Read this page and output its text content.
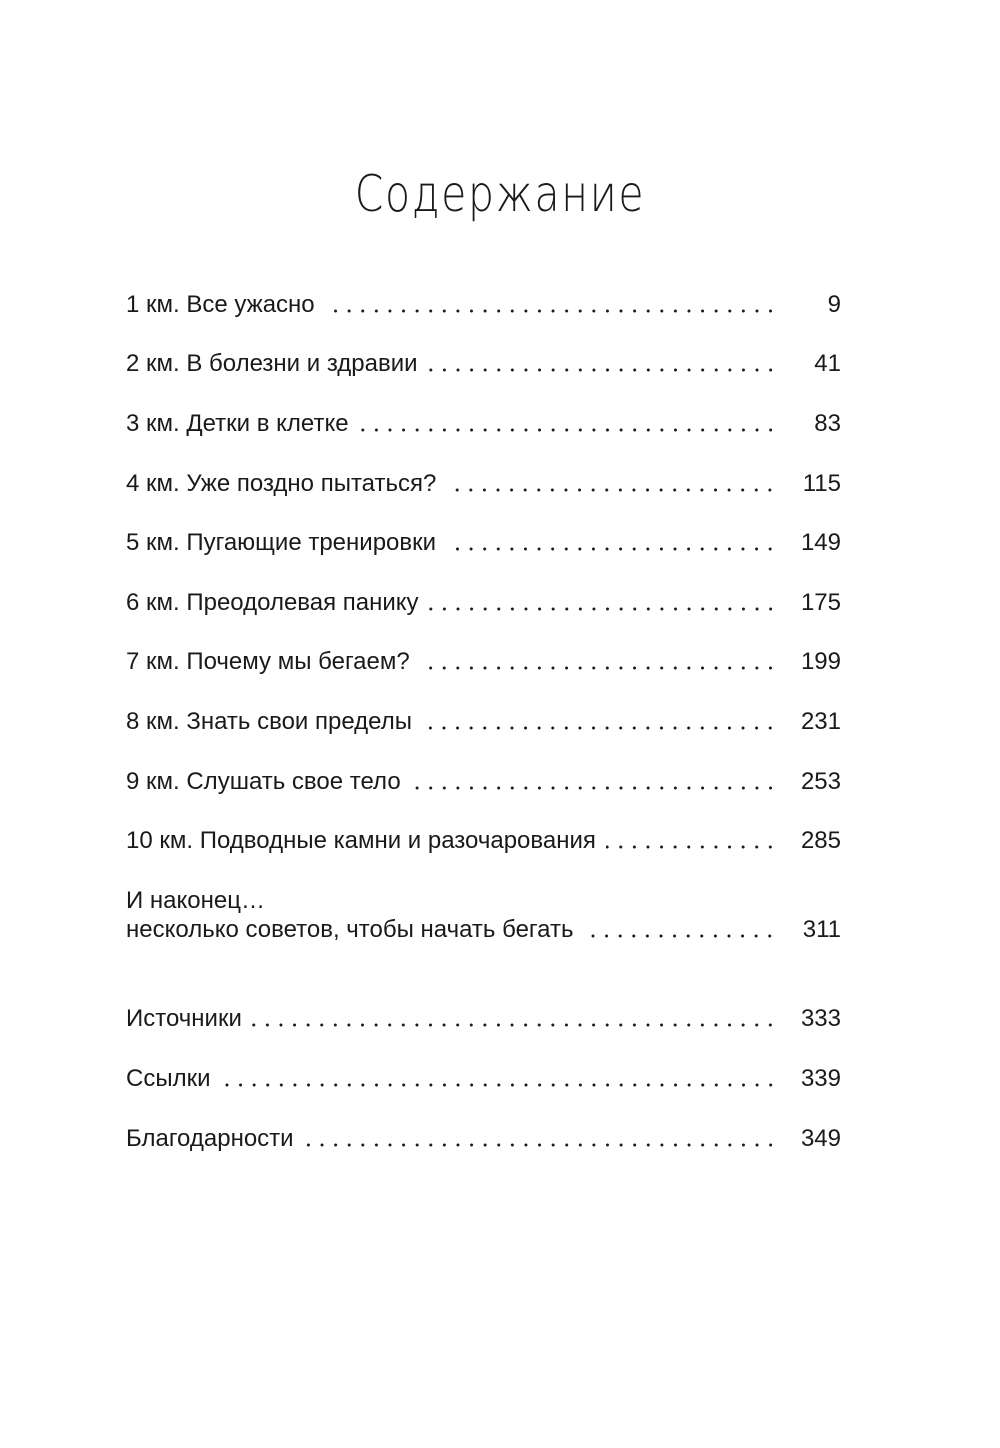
Содержание
1 км. Все ужасно	9
2 км. В болезни и здравии	41
3 км. Детки в клетке	83
4 км. Уже поздно пытаться?	115
5 км. Пугающие тренировки	149
6 км. Преодолевая панику	175
7 км. Почему мы бегаем?	199
8 км. Знать свои пределы	231
9 км. Слушать свое тело	253
10 км. Подводные камни и разочарования	285
И наконец…
несколько советов, чтобы начать бегать	311
Источники	333
Ссылки	339
Благодарности	349
